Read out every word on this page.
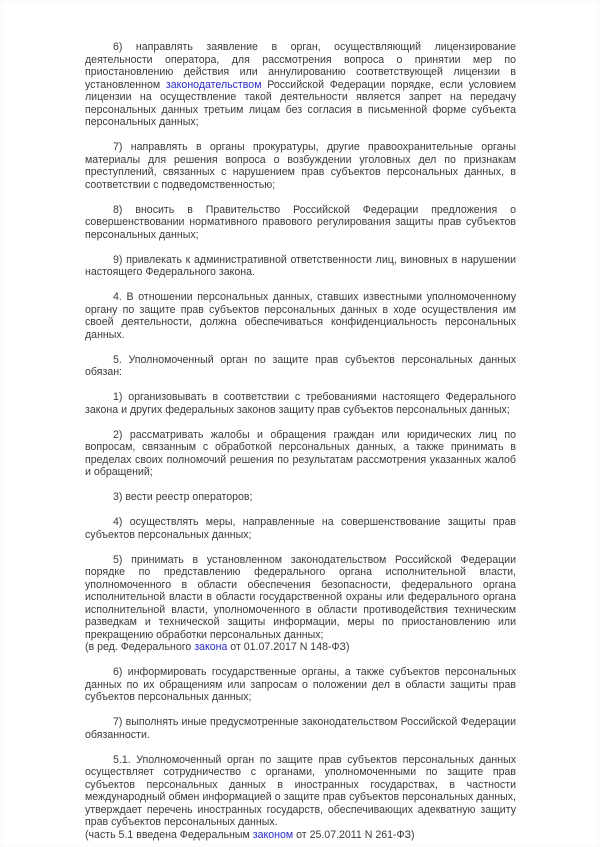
6) направлять заявление в орган, осуществляющий лицензирование деятельности оператора, для рассмотрения вопроса о принятии мер по приостановлению действия или аннулированию соответствующей лицензии в установленном законодательством Российской Федерации порядке, если условием лицензии на осуществление такой деятельности является запрет на передачу персональных данных третьим лицам без согласия в письменной форме субъекта персональных данных;

7) направлять в органы прокуратуры, другие правоохранительные органы материалы для решения вопроса о возбуждении уголовных дел по признакам преступлений, связанных с нарушением прав субъектов персональных данных, в соответствии с подведомственностью;

8) вносить в Правительство Российской Федерации предложения о совершенствовании нормативного правового регулирования защиты прав субъектов персональных данных;

9) привлекать к административной ответственности лиц, виновных в нарушении настоящего Федерального закона.

4. В отношении персональных данных, ставших известными уполномоченному органу по защите прав субъектов персональных данных в ходе осуществления им своей деятельности, должна обеспечиваться конфиденциальность персональных данных.

5. Уполномоченный орган по защите прав субъектов персональных данных обязан:

1) организовывать в соответствии с требованиями настоящего Федерального закона и других федеральных законов защиту прав субъектов персональных данных;

2) рассматривать жалобы и обращения граждан или юридических лиц по вопросам, связанным с обработкой персональных данных, а также принимать в пределах своих полномочий решения по результатам рассмотрения указанных жалоб и обращений;

3) вести реестр операторов;

4) осуществлять меры, направленные на совершенствование защиты прав субъектов персональных данных;

5) принимать в установленном законодательством Российской Федерации порядке по представлению федерального органа исполнительной власти, уполномоченного в области обеспечения безопасности, федерального органа исполнительной власти в области государственной охраны или федерального органа исполнительной власти, уполномоченного в области противодействия техническим разведкам и технической защиты информации, меры по приостановлению или прекращению обработки персональных данных;

(в ред. Федерального закона от 01.07.2017 N 148-ФЗ)

6) информировать государственные органы, а также субъектов персональных данных по их обращениям или запросам о положении дел в области защиты прав субъектов персональных данных;

7) выполнять иные предусмотренные законодательством Российской Федерации обязанности.

5.1. Уполномоченный орган по защите прав субъектов персональных данных осуществляет сотрудничество с органами, уполномоченными по защите прав субъектов персональных данных в иностранных государствах, в частности международный обмен информацией о защите прав субъектов персональных данных, утверждает перечень иностранных государств, обеспечивающих адекватную защиту прав субъектов персональных данных.

(часть 5.1 введена Федеральным законом от 25.07.2011 N 261-ФЗ)
